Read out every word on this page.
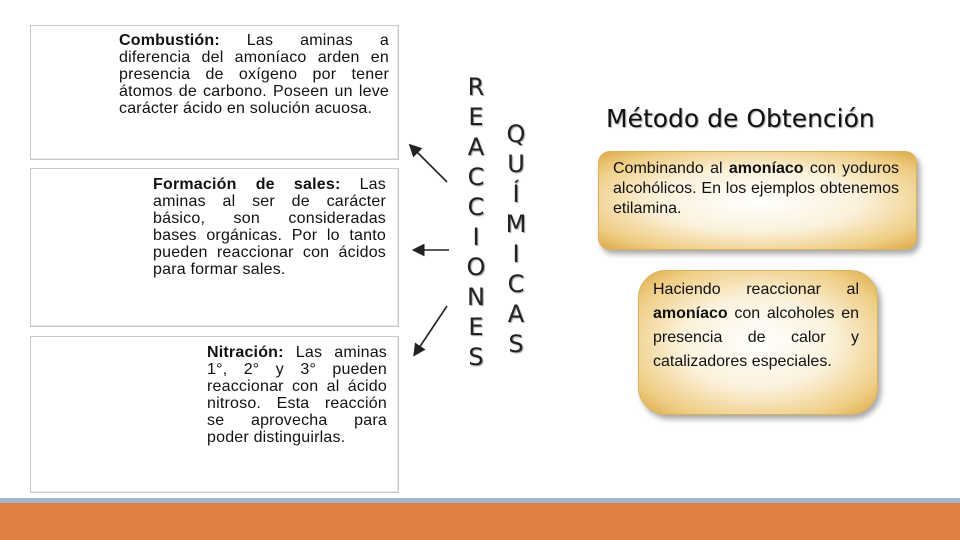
Combustión: Las aminas a diferencia del amoníaco arden en presencia de oxígeno por tener átomos de carbono. Poseen un leve carácter ácido en solución acuosa.
Formación de sales: Las aminas al ser de carácter básico, son consideradas bases orgánicas. Por lo tanto pueden reaccionar con ácidos para formar sales.
Nitración: Las aminas 1°, 2° y 3° pueden reaccionar con al ácido nitroso. Esta reacción se aprovecha para poder distinguirlas.
R
E
A
C
C
I
O
N
E
S
Q
U
Í
M
I
C
A
S
Método de Obtención
Combinando al amoníaco con yoduros alcohólicos. En los ejemplos obtenemos etilamina.
Haciendo reaccionar al amoníaco con alcoholes en presencia de calor y catalizadores especiales.
